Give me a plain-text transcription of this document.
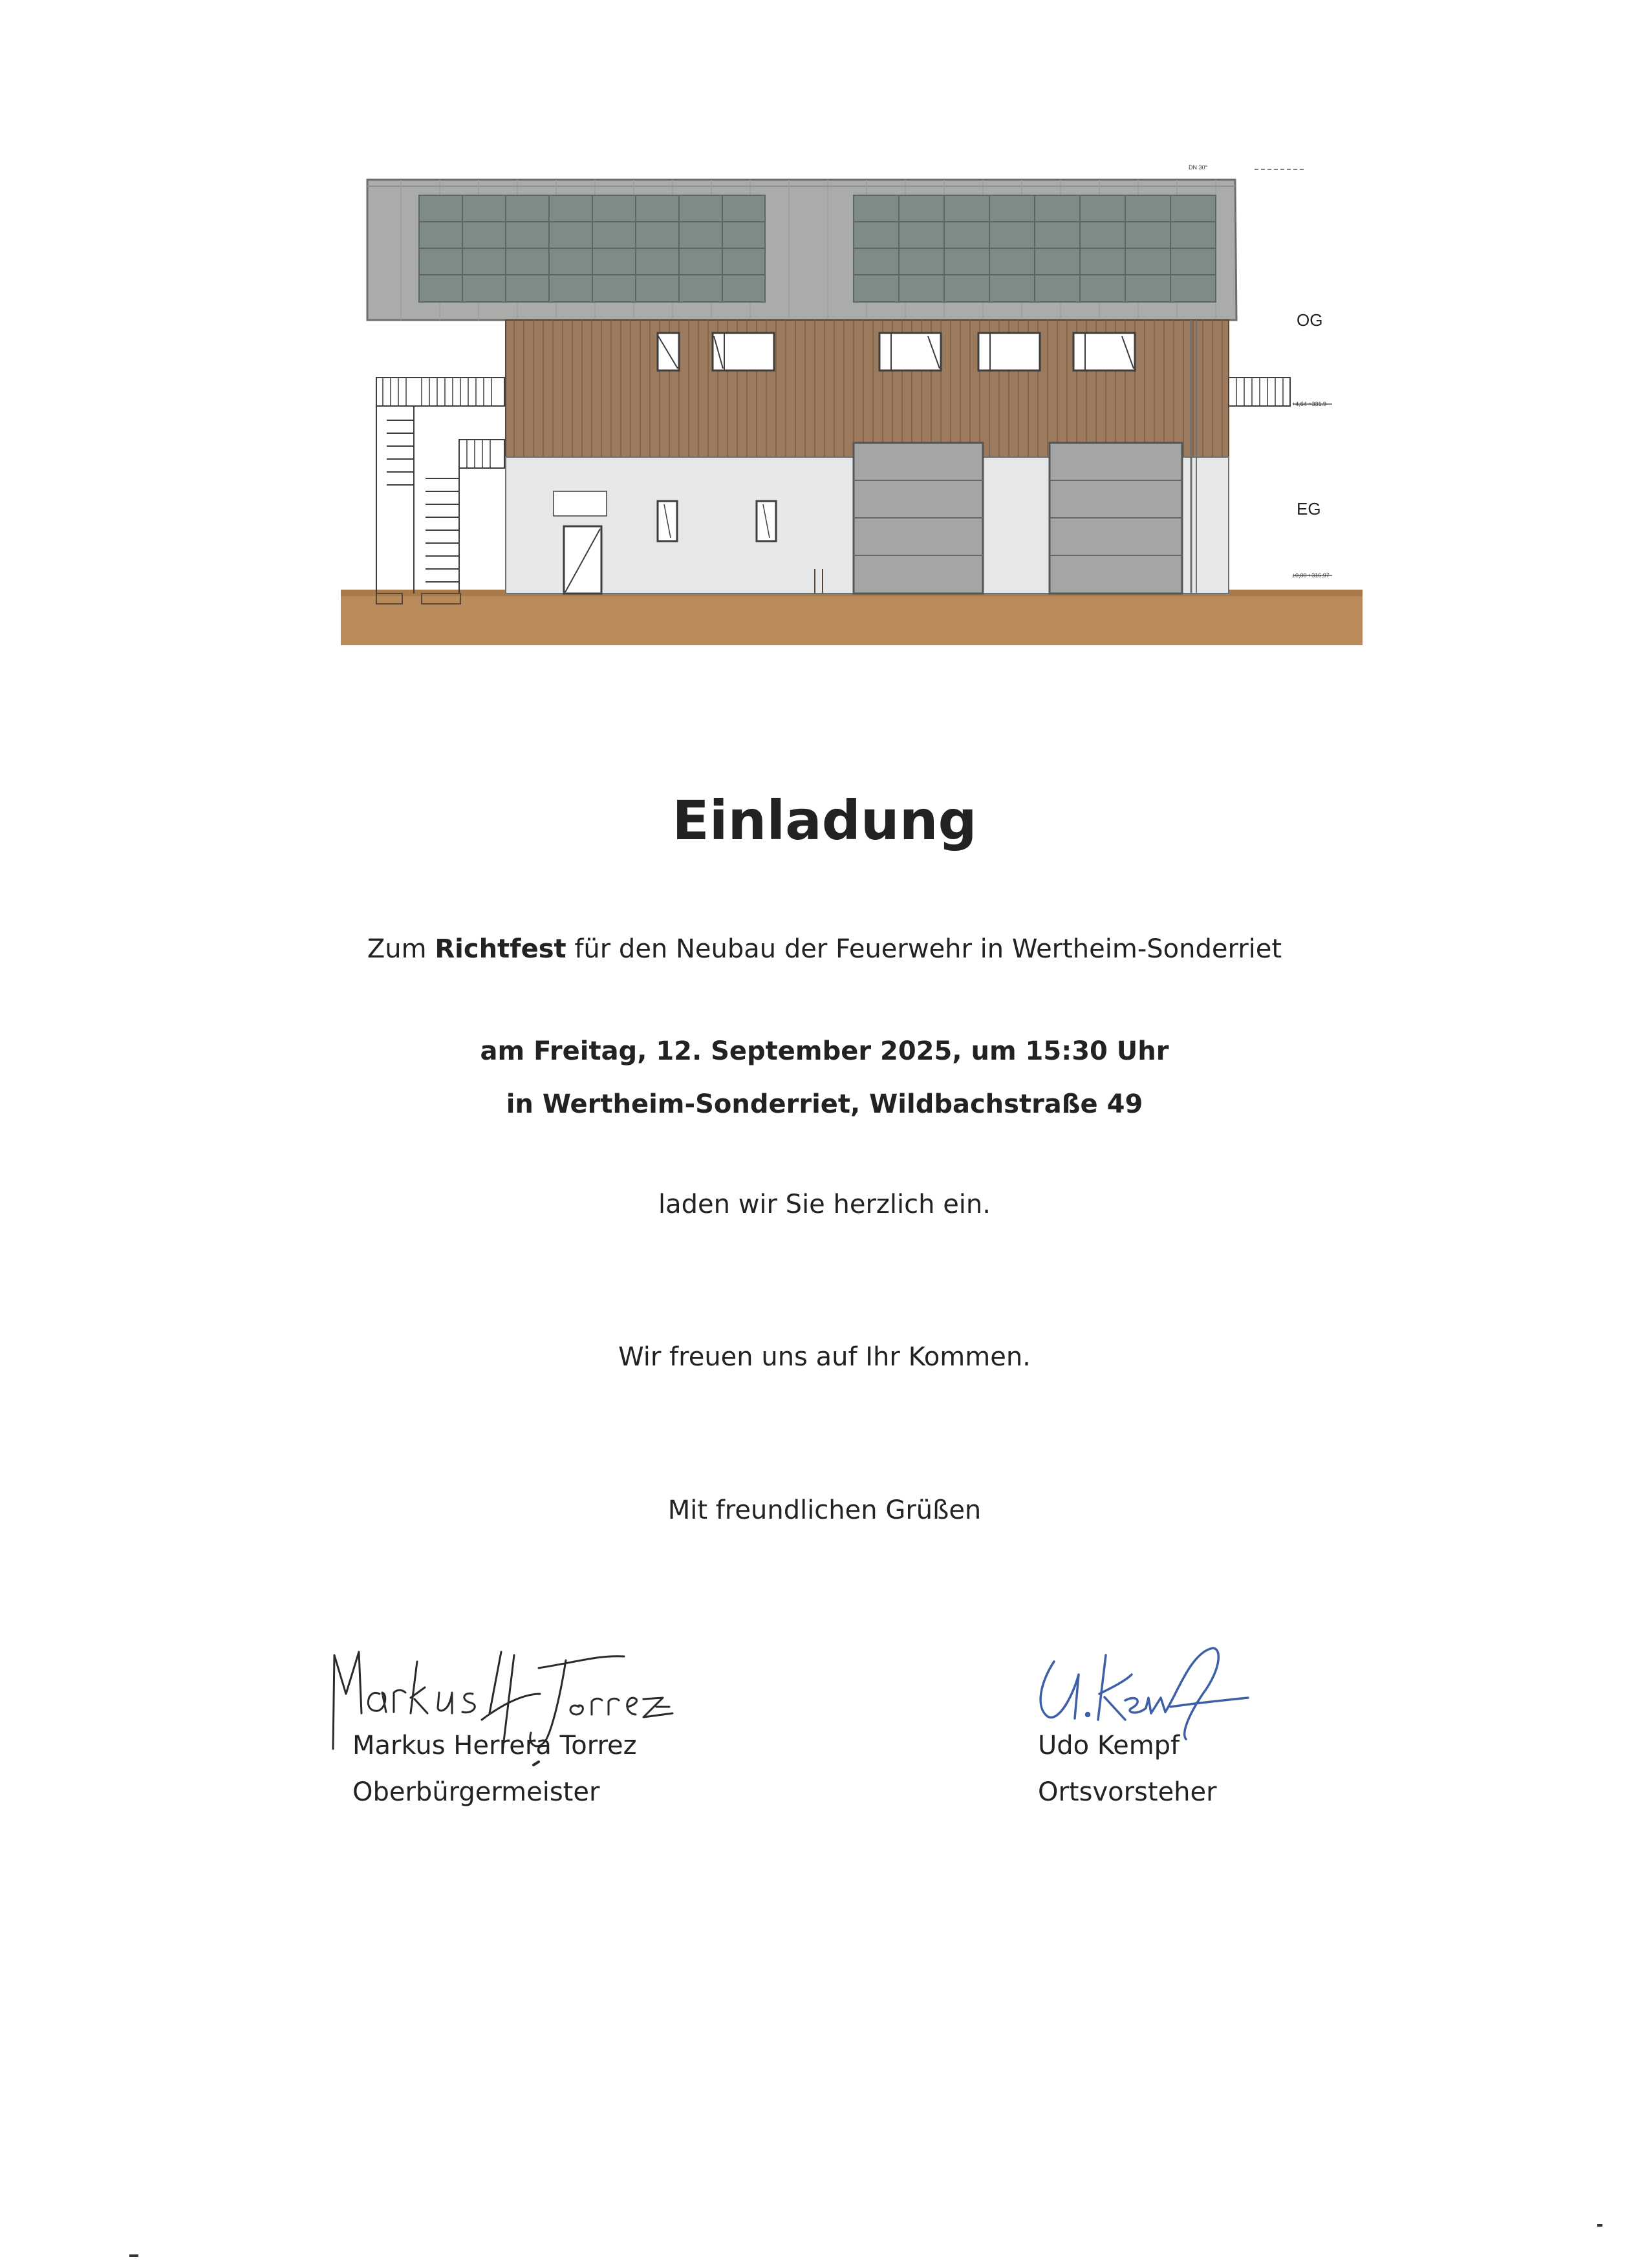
OG
EG
+4,64 +331.9
±0,00 +316,97
DN 30°
Einladung
Zum Richtfest für den Neubau der Feuerwehr in Wertheim-Sonderriet
am Freitag, 12. September 2025, um 15:30 Uhr
in Wertheim-Sonderriet, Wildbachstraße 49
laden wir Sie herzlich ein.
Wir freuen uns auf Ihr Kommen.
Mit freundlichen Grüßen
Markus Herrera Torrez
Oberbürgermeister
Udo Kempf
Ortsvorsteher
